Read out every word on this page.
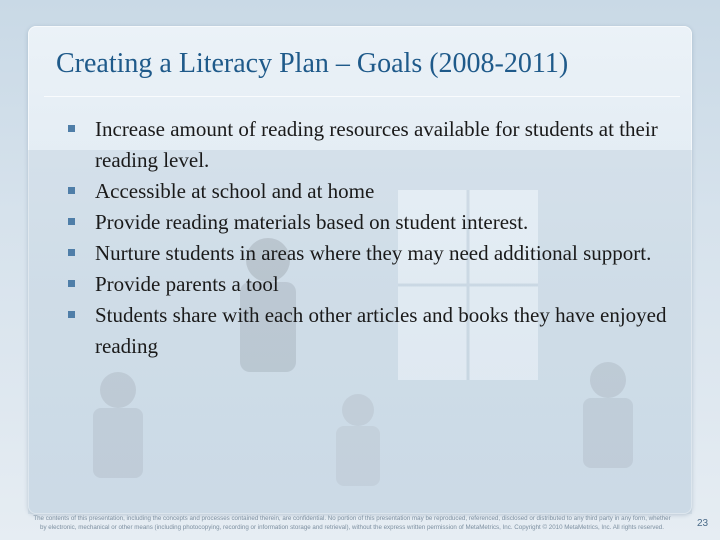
Creating a Literacy Plan – Goals (2008-2011)
Increase amount of reading resources available for students at their reading level.
Accessible at school and at home
Provide reading materials based on student interest.
Nurture students in areas where they may need additional support.
Provide parents a tool
Students share with each other articles and books they have enjoyed reading
The contents of this presentation, including the concepts and processes contained therein, are confidential. No portion of this presentation may be reproduced, referenced, disclosed or distributed to any third party in any form, whether
by electronic, mechanical or other means (including photocopying, recording or information storage and retrieval), without the express written permission of MetaMetrics, Inc. Copyright © 2010 MetaMetrics, Inc. All rights reserved.	23
